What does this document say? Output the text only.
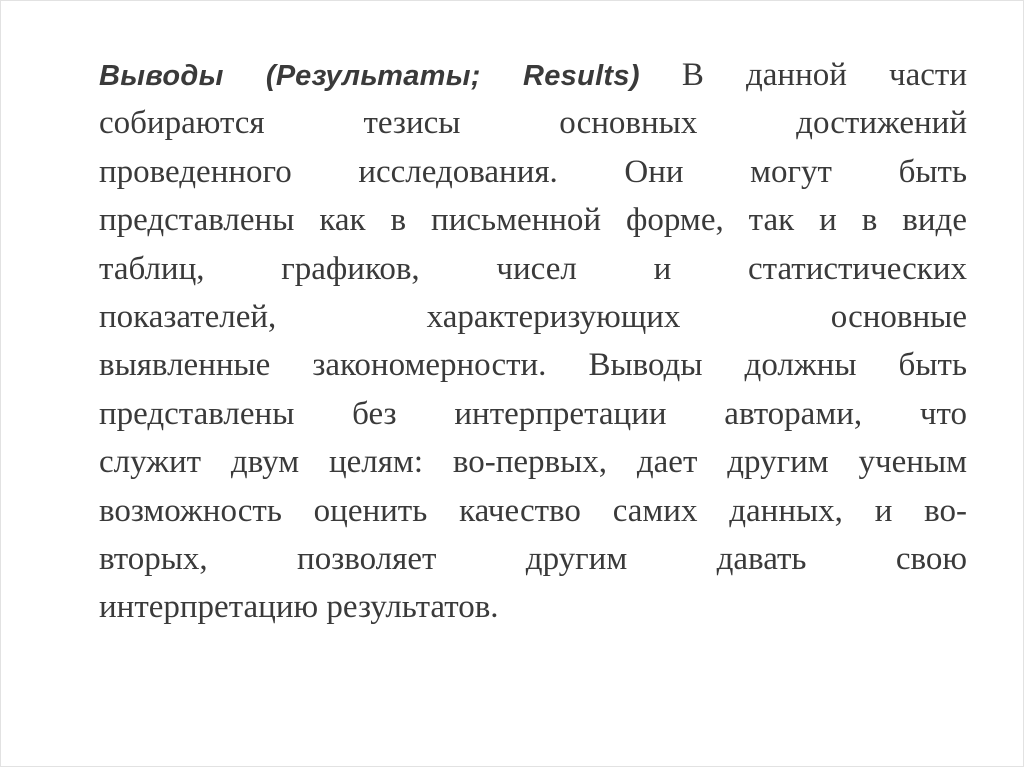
Выводы (Результаты; Results) В данной части
собираются тезисы основных достижений
проведенного исследования. Они могут быть
представлены как в письменной форме, так и в виде
таблиц, графиков, чисел и статистических
показателей, характеризующих основные
выявленные закономерности. Выводы должны быть
представлены без интерпретации авторами, что
служит двум целям: во-первых, дает другим ученым
возможность оценить качество самих данных, и во-
вторых, позволяет другим давать свою
интерпретацию результатов.
